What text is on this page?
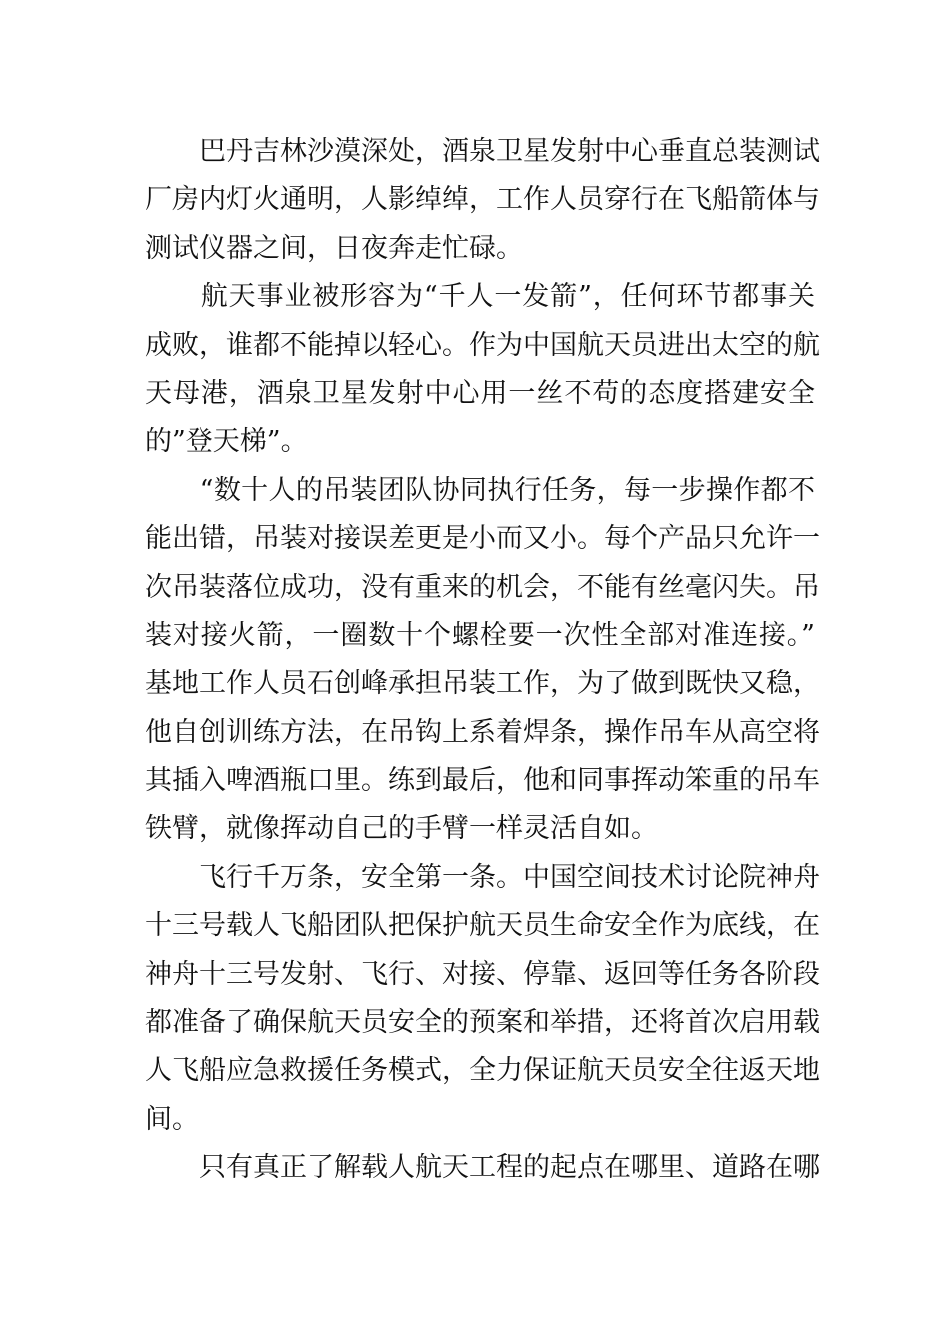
　　巴丹吉林沙漠深处，酒泉卫星发射中心垂直总装测试
厂房内灯火通明，人影绰绰，工作人员穿行在飞船箭体与
测试仪器之间，日夜奔走忙碌。
　　航天事业被形容为“千人一发箭”，任何环节都事关
成败，谁都不能掉以轻心。作为中国航天员进出太空的航
天母港，酒泉卫星发射中心用一丝不苟的态度搭建安全
的”登天梯”。
　　“数十人的吊装团队协同执行任务，每一步操作都不
能出错，吊装对接误差更是小而又小。每个产品只允许一
次吊装落位成功，没有重来的机会，不能有丝毫闪失。吊
装对接火箭，一圈数十个螺栓要一次性全部对准连接。”
基地工作人员石创峰承担吊装工作，为了做到既快又稳，
他自创训练方法，在吊钩上系着焊条，操作吊车从高空将
其插入啤酒瓶口里。练到最后，他和同事挥动笨重的吊车
铁臂，就像挥动自己的手臂一样灵活自如。
　　飞行千万条，安全第一条。中国空间技术讨论院神舟
十三号载人飞船团队把保护航天员生命安全作为底线，在
神舟十三号发射、飞行、对接、停靠、返回等任务各阶段
都准备了确保航天员安全的预案和举措，还将首次启用载
人飞船应急救援任务模式，全力保证航天员安全往返天地
间。
　　只有真正了解载人航天工程的起点在哪里、道路在哪
